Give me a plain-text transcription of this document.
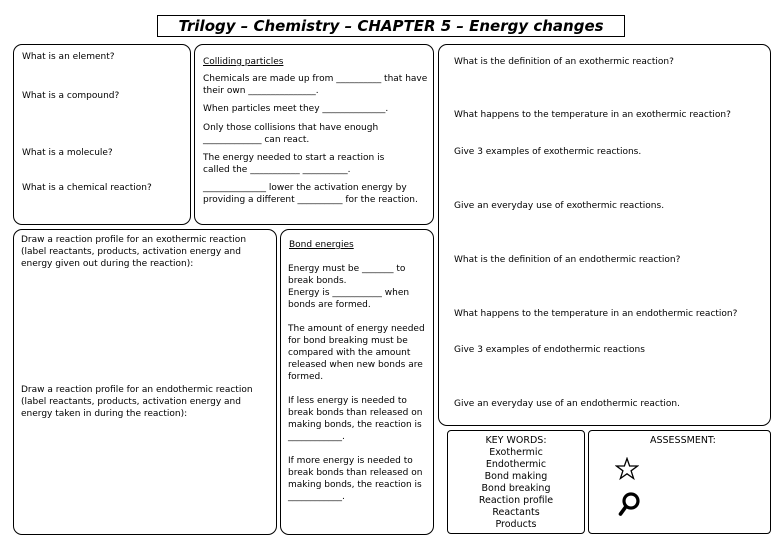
Trilogy – Chemistry – CHAPTER 5 – Energy changes
What is an element?
What is a compound?
What is a molecule?
What is a chemical reaction?
Colliding particles
Chemicals are made up from __________ that have their own _______________.
When particles meet they ______________.
Only those collisions that have enough _____________ can react.
The energy needed to start a reaction is called the ___________ __________.
______________ lower the activation energy by providing a different __________ for the reaction.
Draw a reaction profile for an exothermic reaction (label reactants, products, activation energy and energy given out during the reaction):
Draw a reaction profile for an endothermic reaction (label reactants, products, activation energy and energy taken in during the reaction):
Bond energies
Energy must be _______ to break bonds.
Energy is ___________ when bonds are formed.
The amount of energy needed for bond breaking must be compared with the amount released when new bonds are formed.
If less energy is needed to break bonds than released on making bonds, the reaction is ____________.
If more energy is needed to break bonds than released on making bonds, the reaction is ____________.
What is the definition of an exothermic reaction?
What happens to the temperature in an exothermic reaction?
Give 3 examples of exothermic reactions.
Give an everyday use of exothermic reactions.
What is the definition of an endothermic reaction?
What happens to the temperature in an endothermic reaction?
Give 3 examples of endothermic reactions
Give an everyday use of an endothermic reaction.
KEY WORDS:
Exothermic
Endothermic
Bond making
Bond breaking
Reaction profile
Reactants
Products
ASSESSMENT:
